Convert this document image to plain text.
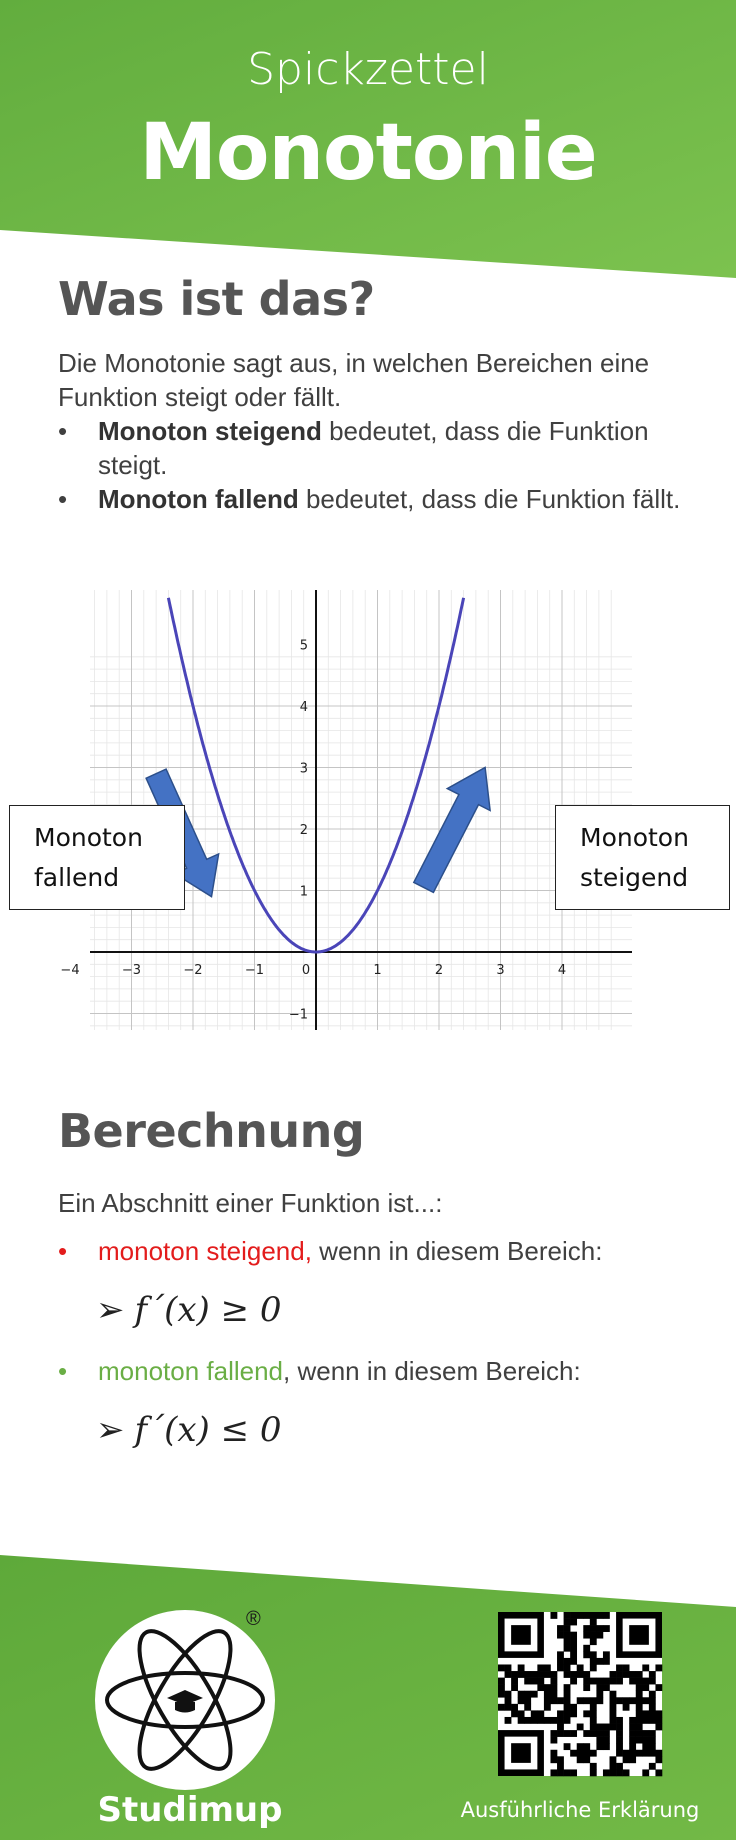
Spickzettel
Monotonie
Was ist das?
Die Monotonie sagt aus, in welchen Bereichen eine Funktion steigt oder fällt.
•	Monoton steigend bedeutet, dass die Funktion steigt.
•	Monoton fallend bedeutet, dass die Funktion fällt.
−4	−3	−2	−1	0	1	2	3	4
5
4
3
2
1
−1
Monoton
fallend
Monoton
steigend
Berechnung
Ein Abschnitt einer Funktion ist...:
•	monoton steigend, wenn in diesem Bereich:
➢ f´(x) ≥ 0
•	monoton fallend, wenn in diesem Bereich:
➢ f´(x) ≤ 0
®
Studimup	Ausführliche Erklärung
